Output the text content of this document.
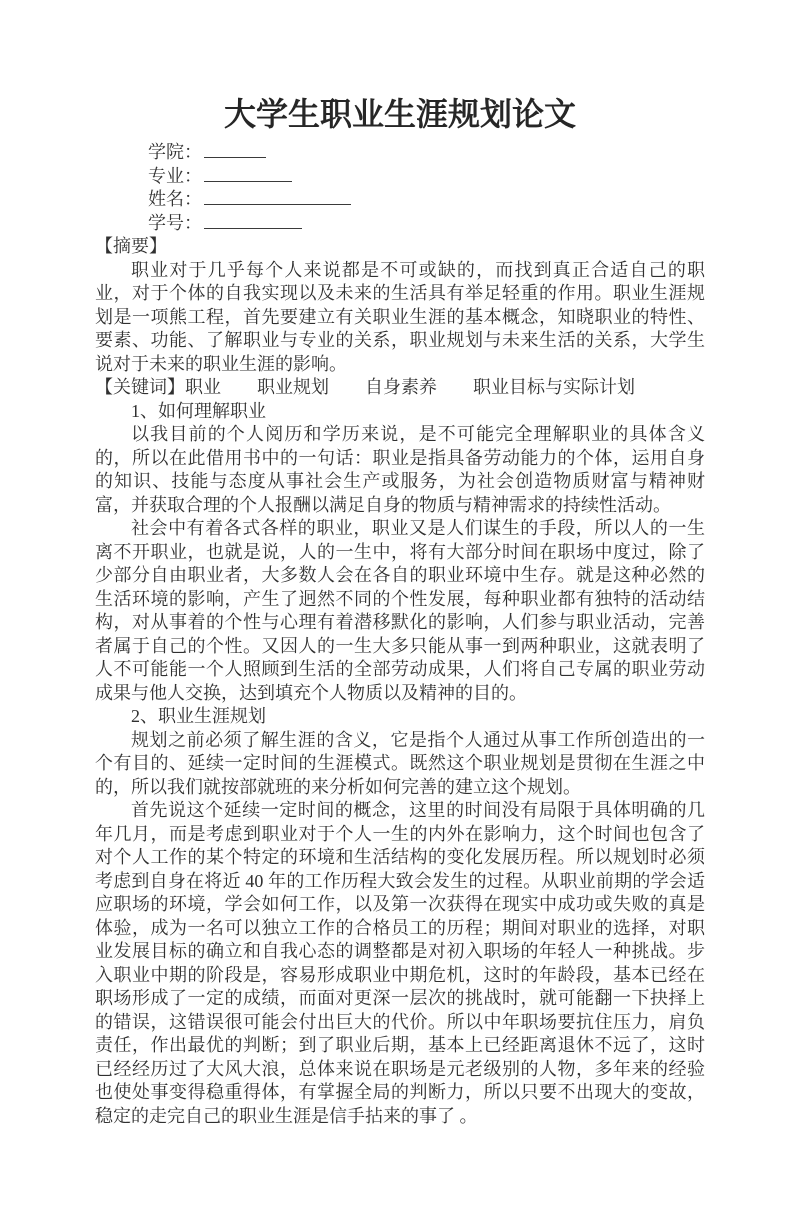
大学生职业生涯规划论文
学院：
专业：
姓名：
学号：
【摘要】

职业对于几乎每个人来说都是不可或缺的，而找到真正合适自己的职业，对于个体的自我实现以及未来的生活具有举足轻重的作用。职业生涯规划是一项熊工程，首先要建立有关职业生涯的基本概念，知晓职业的特性、要素、功能、了解职业与专业的关系，职业规划与未来生活的关系，大学生说对于未来的职业生涯的影响。

【关键词】职业　　职业规划　　自身素养　　职业目标与实际计划
1、如何理解职业

以我目前的个人阅历和学历来说，是不可能完全理解职业的具体含义的，所以在此借用书中的一句话：职业是指具备劳动能力的个体，运用自身的知识、技能与态度从事社会生产或服务，为社会创造物质财富与精神财富，并获取合理的个人报酬以满足自身的物质与精神需求的持续性活动。

社会中有着各式各样的职业，职业又是人们谋生的手段，所以人的一生离不开职业，也就是说，人的一生中，将有大部分时间在职场中度过，除了少部分自由职业者，大多数人会在各自的职业环境中生存。就是这种必然的生活环境的影响，产生了迥然不同的个性发展，每种职业都有独特的活动结构，对从事着的个性与心理有着潜移默化的影响，人们参与职业活动，完善者属于自己的个性。又因人的一生大多只能从事一到两种职业，这就表明了人不可能能一个人照顾到生活的全部劳动成果，人们将自己专属的职业劳动成果与他人交换，达到填充个人物质以及精神的目的。

2、职业生涯规划

规划之前必须了解生涯的含义，它是指个人通过从事工作所创造出的一个有目的、延续一定时间的生涯模式。既然这个职业规划是贯彻在生涯之中的，所以我们就按部就班的来分析如何完善的建立这个规划。

首先说这个延续一定时间的概念，这里的时间没有局限于具体明确的几年几月，而是考虑到职业对于个人一生的内外在影响力，这个时间也包含了对个人工作的某个特定的环境和生活结构的变化发展历程。所以规划时必须考虑到自身在将近 40 年的工作历程大致会发生的过程。从职业前期的学会适应职场的环境，学会如何工作，以及第一次获得在现实中成功或失败的真是体验，成为一名可以独立工作的合格员工的历程；期间对职业的选择，对职业发展目标的确立和自我心态的调整都是对初入职场的年轻人一种挑战。步入职业中期的阶段是，容易形成职业中期危机，这时的年龄段，基本已经在职场形成了一定的成绩，而面对更深一层次的挑战时，就可能翻一下抉择上的错误，这错误很可能会付出巨大的代价。所以中年职场要抗住压力，肩负责任，作出最优的判断；到了职业后期，基本上已经距离退休不远了，这时已经经历过了大风大浪，总体来说在职场是元老级别的人物，多年来的经验也使处事变得稳重得体，有掌握全局的判断力，所以只要不出现大的变故，稳定的走完自己的职业生涯是信手拈来的事了 。
